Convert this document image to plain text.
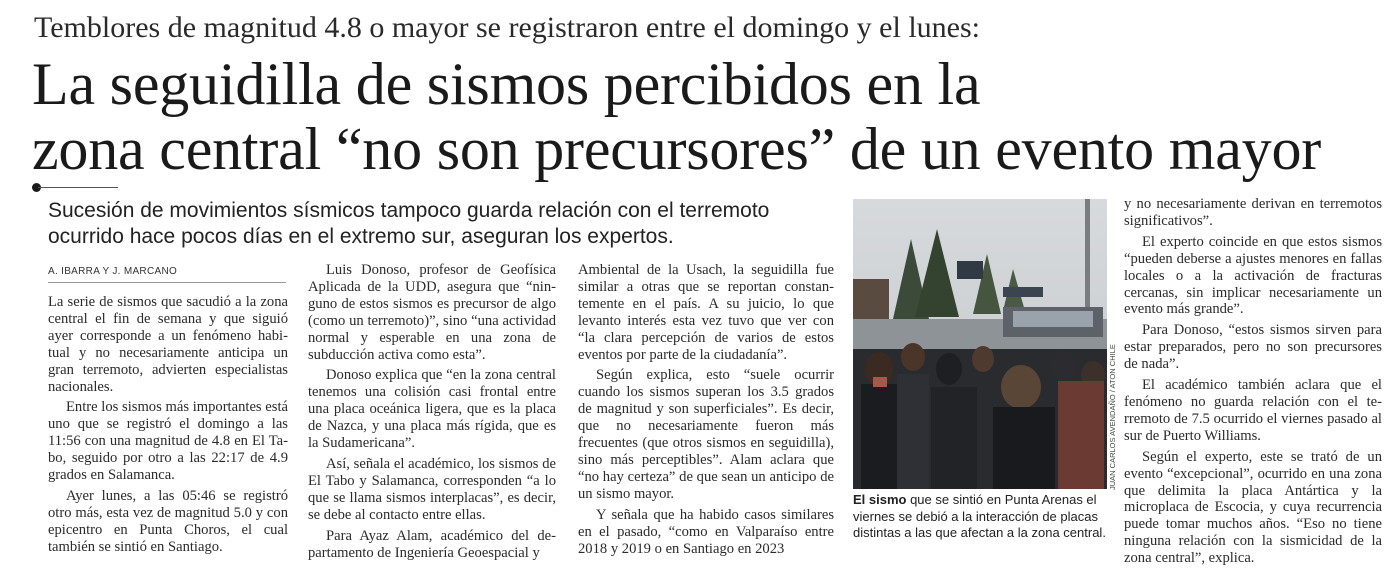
Temblores de magnitud 4.8 o mayor se registraron entre el domingo y el lunes:
La seguidilla de sismos percibidos en la
zona central “no son precursores” de un evento mayor
Sucesión de movimientos sísmicos tampoco guarda relación con el terremoto ocurrido hace pocos días en el extremo sur, aseguran los expertos.
A. IBARRA Y J. MARCANO

La serie de sismos que sacudió a la zona central el fin de semana y que siguió ayer corresponde a un fenómeno habitual y no necesariamente anticipa un gran terremoto, advierten especialistas nacionales.

Entre los sismos más importantes está uno que se registró el domingo a las 11:56 con una magnitud de 4.8 en El Tabo, seguido por otro a las 22:17 de 4.9 grados en Salamanca.

Ayer lunes, a las 05:46 se registró otro más, esta vez de magnitud 5.0 y con epicentro en Punta Choros, el cual también se sintió en Santiago.

Luis Donoso, profesor de Geofísica Aplicada de la UDD, asegura que “ninguno de estos sismos es precursor de algo (como un terremoto)”, sino “una actividad normal y esperable en una zona de subducción activa como esta”.

Donoso explica que “en la zona central tenemos una colisión casi frontal entre una placa oceánica ligera, que es la placa de Nazca, y una placa más rígida, que es la Sudamericana”.

Así, señala el académico, los sismos de El Tabo y Salamanca, corresponden “a lo que se llama sismos interplacas”, es decir, se debe al contacto entre ellas.

Para Ayaz Alam, académico del departamento de Ingeniería Geoespacial y

Ambiental de la Usach, la seguidilla fue similar a otras que se reportan constantemente en el país. A su juicio, lo que levanto interés esta vez tuvo que ver con “la clara percepción de varios de estos eventos por parte de la ciudadanía”.

Según explica, esto “suele ocurrir cuando los sismos superan los 3.5 grados de magnitud y son superficiales”. Es decir, que no necesariamente fueron más frecuentes (que otros sismos en seguidilla), sino más perceptibles”. Alam aclara que “no hay certeza” de que sean un anticipo de un sismo mayor.

Y señala que ha habido casos similares en el pasado, “como en Valparaíso entre 2018 y 2019 o en Santiago en 2023

JUAN CARLOS AVENDAÑO / ATON CHILE
El sismo que se sintió en Punta Arenas el viernes se debió a la interacción de placas distintas a las que afectan a la zona central.

y no necesariamente derivan en terremotos significativos”.

El experto coincide en que estos sismos “pueden deberse a ajustes menores en fallas locales o a la activación de fracturas cercanas, sin implicar necesariamente un evento más grande”.

Para Donoso, “estos sismos sirven para estar preparados, pero no son precursores de nada”.

El académico también aclara que el fenómeno no guarda relación con el terremoto de 7.5 ocurrido el viernes pasado al sur de Puerto Williams.

Según el experto, este se trató de un evento “excepcional”, ocurrido en una zona que delimita la placa Antártica y la microplaca de Escocia, y cuya recurrencia puede tomar muchos años. “Eso no tiene ninguna relación con la sismicidad de la zona central”, explica.
